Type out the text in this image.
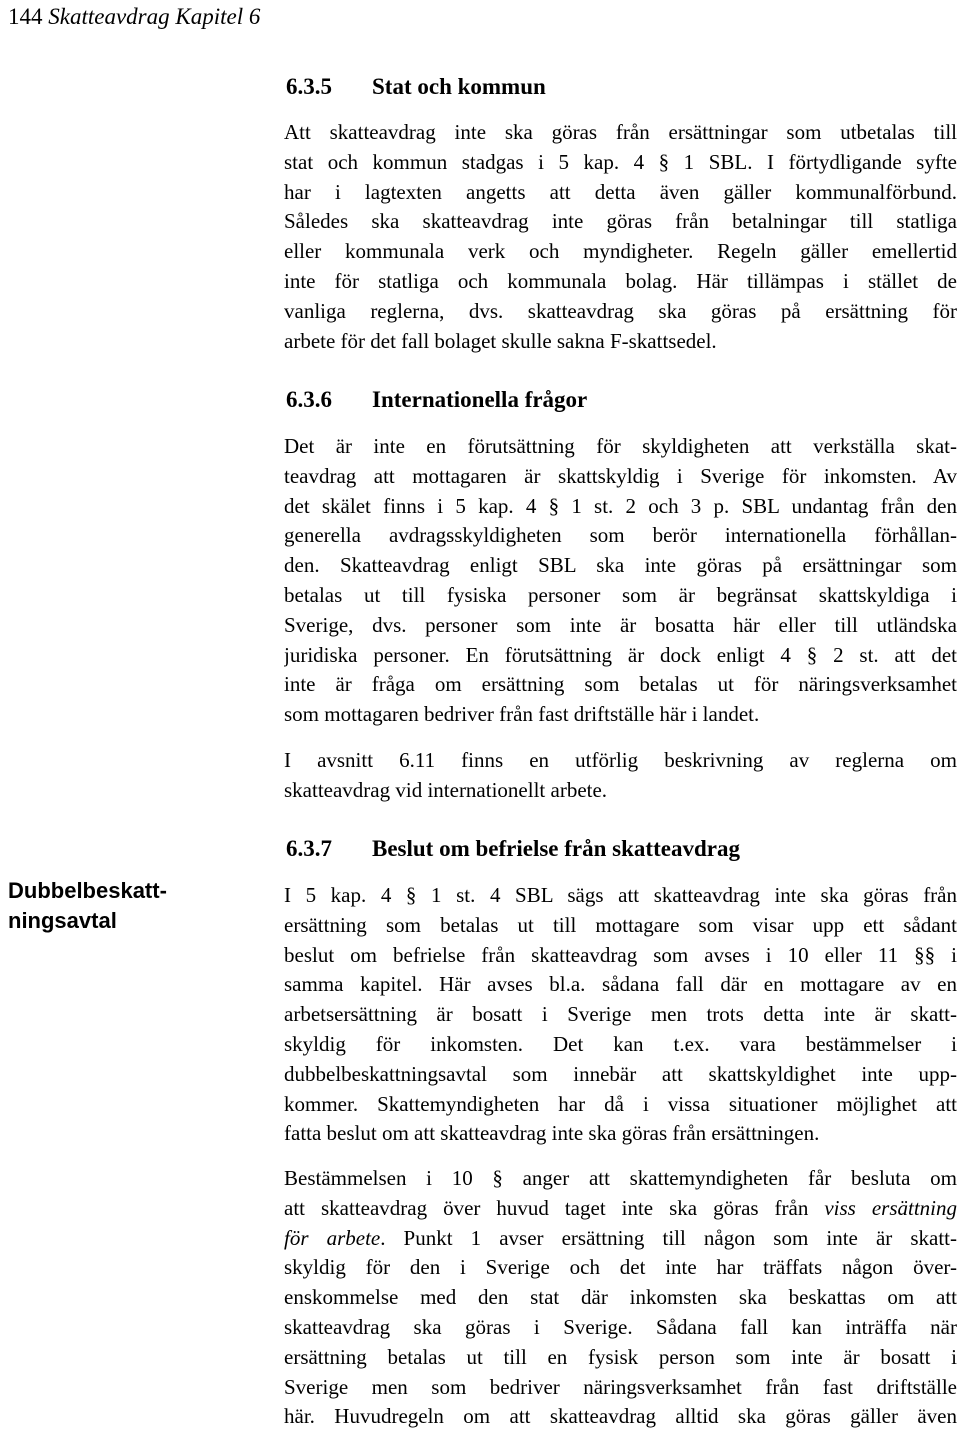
144 Skatteavdrag Kapitel 6
6.3.5 Stat och kommun
Att skatteavdrag inte ska göras från ersättningar som utbetalas till
stat och kommun stadgas i 5 kap. 4 § 1 SBL. I förtydligande syfte
har i lagtexten angetts att detta även gäller kommunalförbund.
Således ska skatteavdrag inte göras från betalningar till statliga
eller kommunala verk och myndigheter. Regeln gäller emellertid
inte för statliga och kommunala bolag. Här tillämpas i stället de
vanliga reglerna, dvs. skatteavdrag ska göras på ersättning för
arbete för det fall bolaget skulle sakna F-skattsedel.
6.3.6 Internationella frågor
Det är inte en förutsättning för skyldigheten att verkställa skat-
teavdrag att mottagaren är skattskyldig i Sverige för inkomsten. Av
det skälet finns i 5 kap. 4 § 1 st. 2 och 3 p. SBL undantag från den
generella avdragsskyldigheten som berör internationella förhållan-
den. Skatteavdrag enligt SBL ska inte göras på ersättningar som
betalas ut till fysiska personer som är begränsat skattskyldiga i
Sverige, dvs. personer som inte är bosatta här eller till utländska
juridiska personer. En förutsättning är dock enligt 4 § 2 st. att det
inte är fråga om ersättning som betalas ut för näringsverksamhet
som mottagaren bedriver från fast driftställe här i landet.
I avsnitt 6.11 finns en utförlig beskrivning av reglerna om
skatteavdrag vid internationellt arbete.
6.3.7 Beslut om befrielse från skatteavdrag
Dubbelbeskatt-
ningsavtal
I 5 kap. 4 § 1 st. 4 SBL sägs att skatteavdrag inte ska göras från
ersättning som betalas ut till mottagare som visar upp ett sådant
beslut om befrielse från skatteavdrag som avses i 10 eller 11 §§ i
samma kapitel. Här avses bl.a. sådana fall där en mottagare av en
arbetsersättning är bosatt i Sverige men trots detta inte är skatt-
skyldig för inkomsten. Det kan t.ex. vara bestämmelser i
dubbelbeskattningsavtal som innebär att skattskyldighet inte upp-
kommer. Skattemyndigheten har då i vissa situationer möjlighet att
fatta beslut om att skatteavdrag inte ska göras från ersättningen.
Bestämmelsen i 10 § anger att skattemyndigheten får besluta om
att skatteavdrag över huvud taget inte ska göras från viss ersättning
för arbete. Punkt 1 avser ersättning till någon som inte är skatt-
skyldig för den i Sverige och det inte har träffats någon över-
enskommelse med den stat där inkomsten ska beskattas om att
skatteavdrag ska göras i Sverige. Sådana fall kan inträffa när
ersättning betalas ut till en fysisk person som inte är bosatt i
Sverige men som bedriver näringsverksamhet från fast driftställe
här. Huvudregeln om att skatteavdrag alltid ska göras gäller även
